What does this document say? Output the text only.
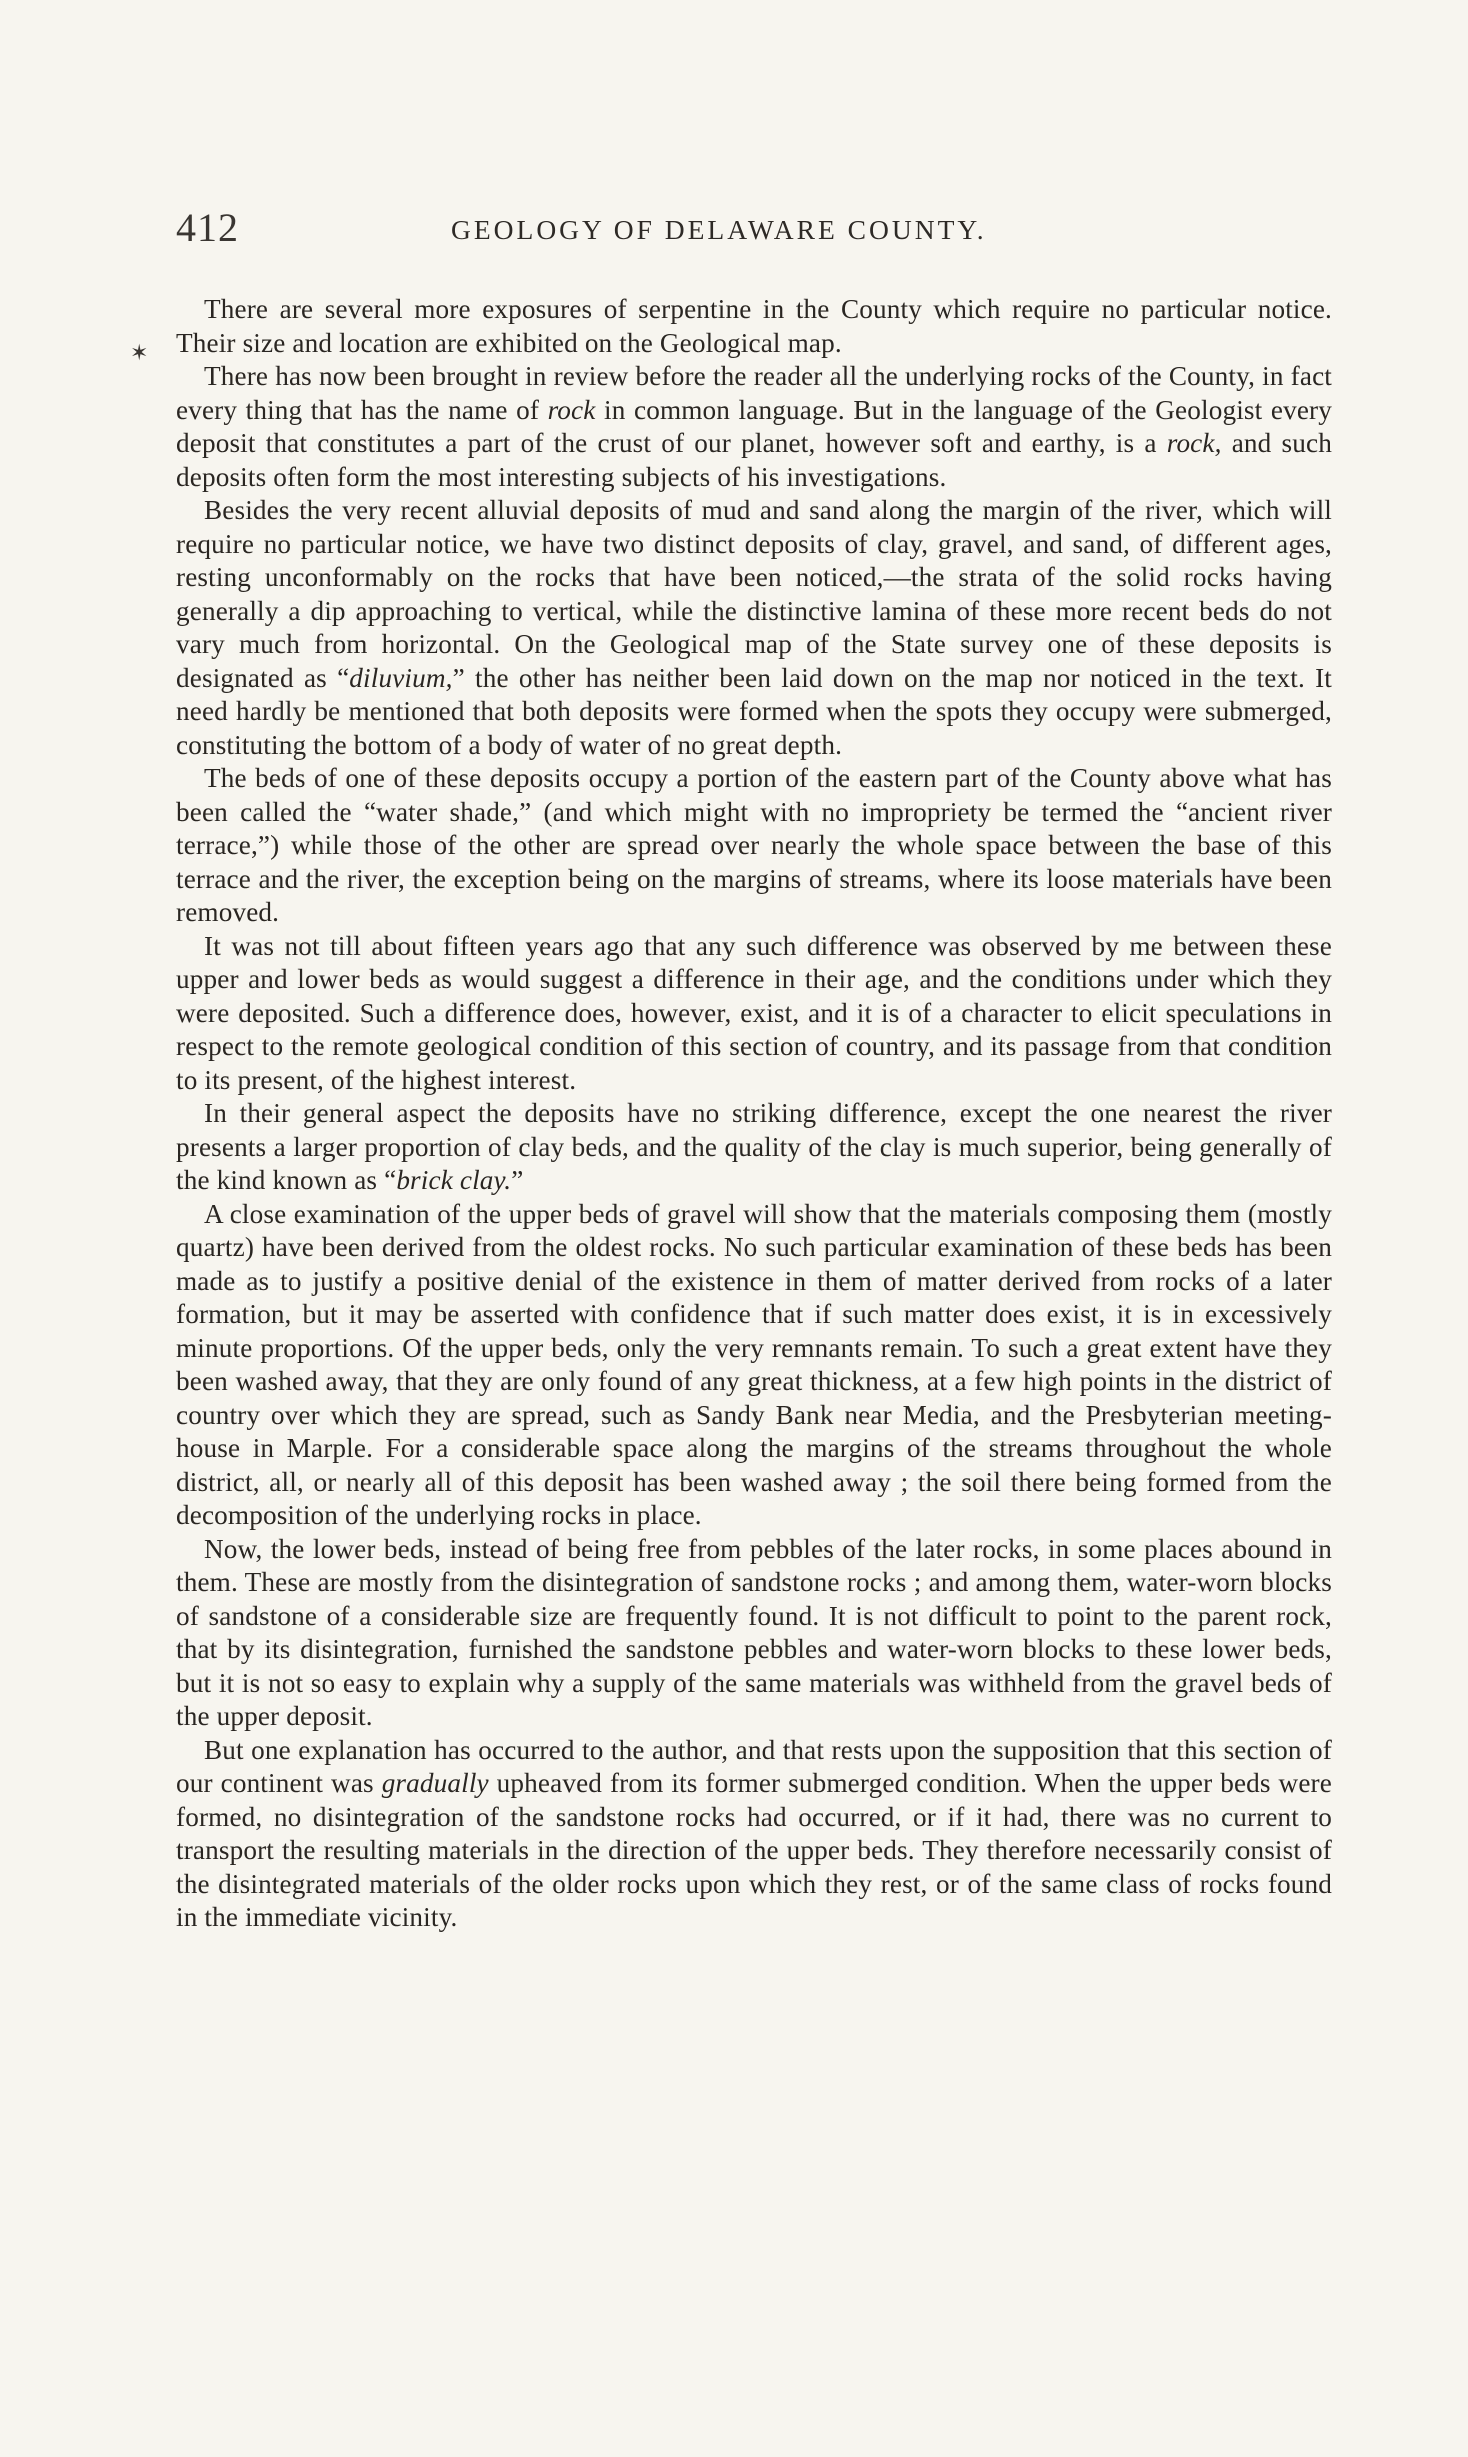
412	GEOLOGY OF DELAWARE COUNTY.
✶

There are several more exposures of serpentine in the County which require no particular notice. Their size and location are exhibited on the Geological map.

There has now been brought in review before the reader all the underlying rocks of the County, in fact every thing that has the name of rock in common language. But in the language of the Geologist every deposit that constitutes a part of the crust of our planet, however soft and earthy, is a rock, and such deposits often form the most interesting subjects of his investigations.

Besides the very recent alluvial deposits of mud and sand along the margin of the river, which will require no particular notice, we have two distinct deposits of clay, gravel, and sand, of different ages, resting unconformably on the rocks that have been noticed,—the strata of the solid rocks having generally a dip approaching to vertical, while the distinctive lamina of these more recent beds do not vary much from horizontal. On the Geological map of the State survey one of these deposits is designated as “diluvium,” the other has neither been laid down on the map nor noticed in the text. It need hardly be mentioned that both deposits were formed when the spots they occupy were submerged, constituting the bottom of a body of water of no great depth.

The beds of one of these deposits occupy a portion of the eastern part of the County above what has been called the “water shade,” (and which might with no impropriety be termed the “ancient river terrace,”) while those of the other are spread over nearly the whole space between the base of this terrace and the river, the exception being on the margins of streams, where its loose materials have been removed.

It was not till about fifteen years ago that any such difference was observed by me between these upper and lower beds as would suggest a difference in their age, and the conditions under which they were deposited. Such a difference does, however, exist, and it is of a character to elicit speculations in respect to the remote geological condition of this section of country, and its passage from that condition to its present, of the highest interest.

In their general aspect the deposits have no striking difference, except the one nearest the river presents a larger proportion of clay beds, and the quality of the clay is much superior, being generally of the kind known as “brick clay.”

A close examination of the upper beds of gravel will show that the materials composing them (mostly quartz) have been derived from the oldest rocks. No such particular examination of these beds has been made as to justify a positive denial of the existence in them of matter derived from rocks of a later formation, but it may be asserted with confidence that if such matter does exist, it is in excessively minute proportions. Of the upper beds, only the very remnants remain. To such a great extent have they been washed away, that they are only found of any great thickness, at a few high points in the district of country over which they are spread, such as Sandy Bank near Media, and the Presbyterian meeting-house in Marple. For a considerable space along the margins of the streams throughout the whole district, all, or nearly all of this deposit has been washed away ; the soil there being formed from the decomposition of the underlying rocks in place.

Now, the lower beds, instead of being free from pebbles of the later rocks, in some places abound in them. These are mostly from the disintegration of sandstone rocks ; and among them, water-worn blocks of sandstone of a considerable size are frequently found. It is not difficult to point to the parent rock, that by its disintegration, furnished the sandstone pebbles and water-worn blocks to these lower beds, but it is not so easy to explain why a supply of the same materials was withheld from the gravel beds of the upper deposit.

But one explanation has occurred to the author, and that rests upon the supposition that this section of our continent was gradually upheaved from its former submerged condition. When the upper beds were formed, no disintegration of the sandstone rocks had occurred, or if it had, there was no current to transport the resulting materials in the direction of the upper beds. They therefore necessarily consist of the disintegrated materials of the older rocks upon which they rest, or of the same class of rocks found in the immediate vicinity.
